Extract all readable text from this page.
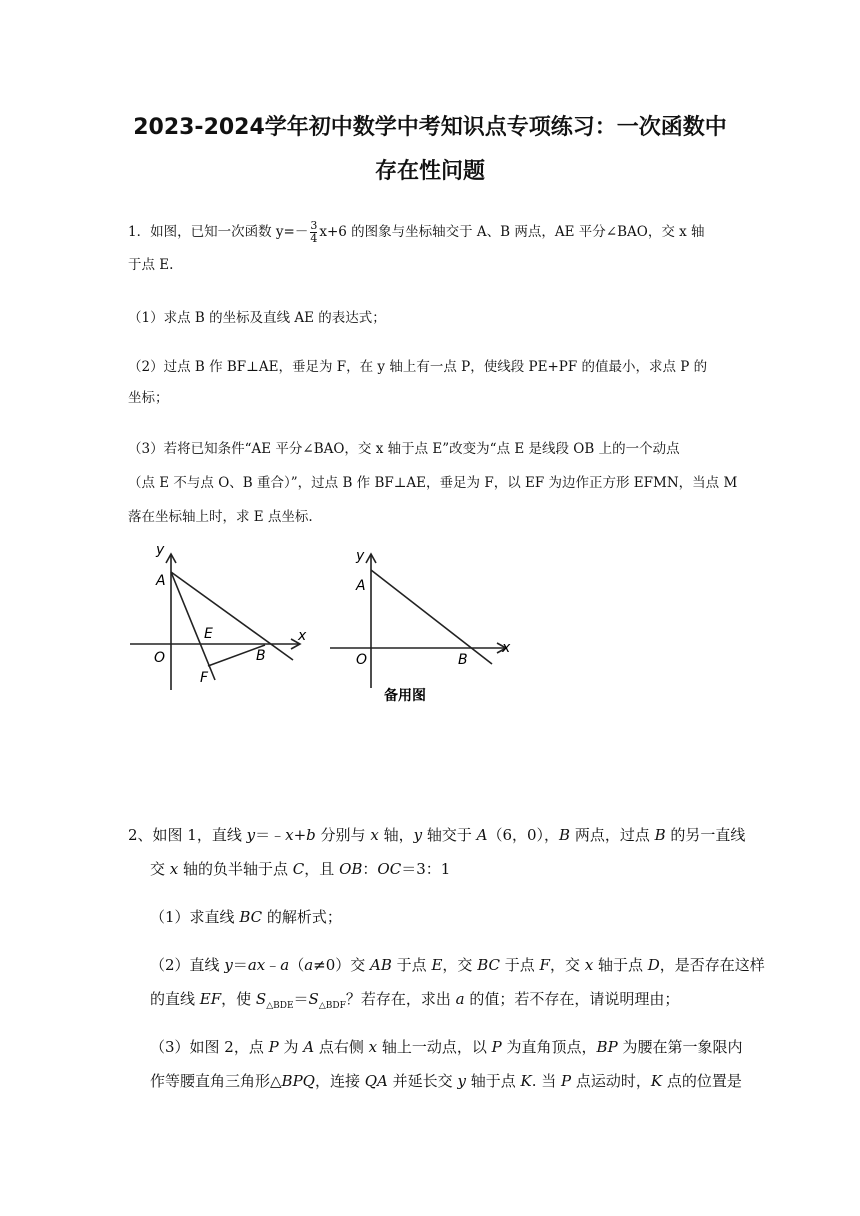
2023-2024学年初中数学中考知识点专项练习：一次函数中
存在性问题
1．如图，已知一次函数 $y=- \frac{3}{4} x+6$ 的图象与坐标轴交于 A、B 两点，AE 平分∠BAO，交 x 轴
于点 E.
（1）求点 B 的坐标及直线 AE 的表达式；
（2）过点 B 作 BF⊥AE，垂足为 F，在 y 轴上有一点 P，使线段 PE+PF 的值最小，求点 P 的
坐标；
（3）若将已知条件“AE 平分∠BAO，交 x 轴于点 E”改变为“点 E 是线段 OB 上的一个动点
（点 E 不与点 O、B 重合）”，过点 B 作 BF⊥AE，垂足为 F，以 EF 为边作正方形 EFMN，当点 M
落在坐标轴上时，求 E 点坐标.
y
x
A
O
E
B
F
y
x
A
O	B
备用图
2、如图 1，直线 y＝﹣x+b 分别与 x 轴，y 轴交于 A（6，0），B 两点，过点 B 的另一直线
交 x 轴的负半轴于点 C，且 OB：OC＝3：1
（1）求直线 BC 的解析式；
（2）直线 y＝ax﹣a（a≠0）交 AB 于点 E，交 BC 于点 F，交 x 轴于点 D，是否存在这样
的直线 EF，使 $S_{\triangle BDE}=S_{\triangle BDF}$？若存在，求出 a 的值；若不存在，请说明理由；
（3）如图 2，点 P 为 A 点右侧 x 轴上一动点，以 P 为直角顶点，BP 为腰在第一象限内
作等腰直角三角形△BPQ，连接 QA 并延长交 y 轴于点 K. 当 P 点运动时，K 点的位置是
